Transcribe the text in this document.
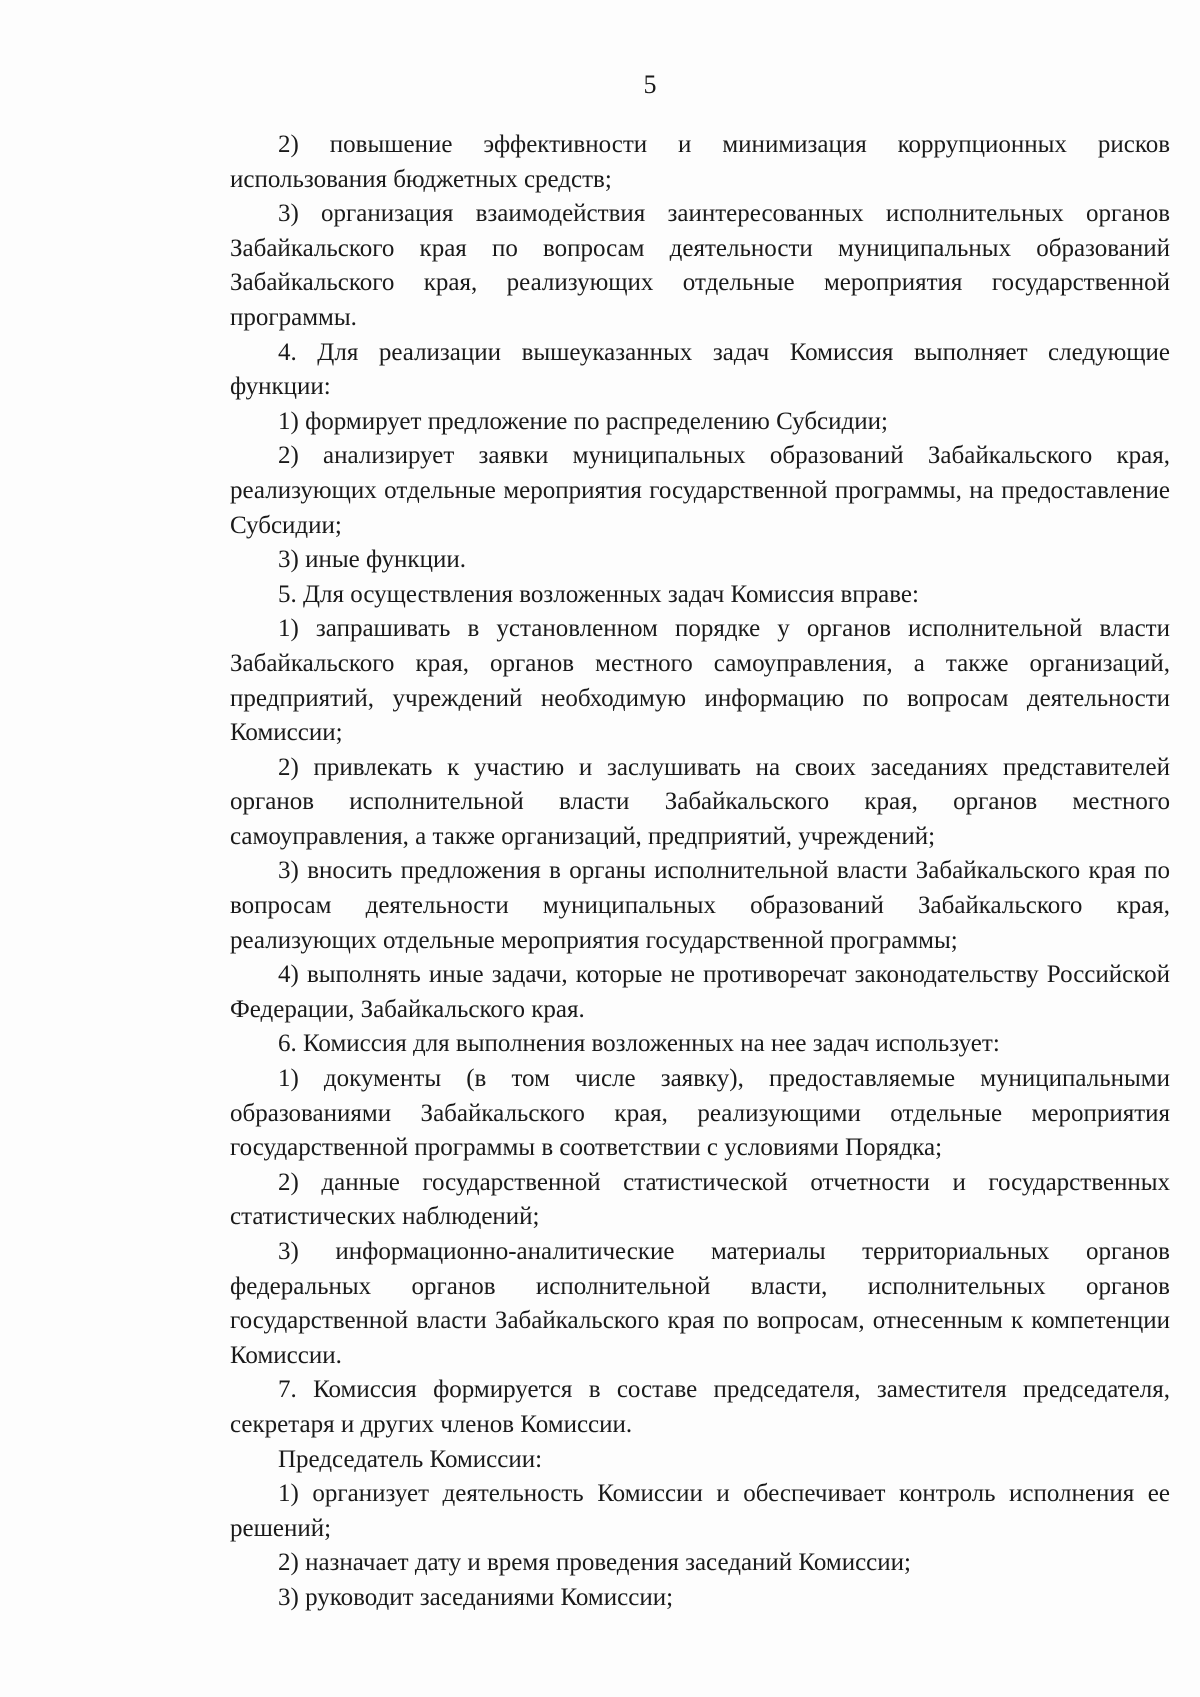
5

2) повышение эффективности и минимизация коррупционных рисков использования бюджетных средств;

3) организация взаимодействия заинтересованных исполнительных органов Забайкальского края по вопросам деятельности муниципальных образований Забайкальского края, реализующих отдельные мероприятия государственной программы.

4. Для реализации вышеуказанных задач Комиссия выполняет следующие функции:

1) формирует предложение по распределению Субсидии;

2) анализирует заявки муниципальных образований Забайкальского края, реализующих отдельные мероприятия государственной программы, на предоставление Субсидии;

3) иные функции.

5. Для осуществления возложенных задач Комиссия вправе:

1) запрашивать в установленном порядке у органов исполнительной власти Забайкальского края, органов местного самоуправления, а также организаций, предприятий, учреждений необходимую информацию по вопросам деятельности Комиссии;

2) привлекать к участию и заслушивать на своих заседаниях представителей органов исполнительной власти Забайкальского края, органов местного самоуправления, а также организаций, предприятий, учреждений;

3) вносить предложения в органы исполнительной власти Забайкальского края по вопросам деятельности муниципальных образований Забайкальского края, реализующих отдельные мероприятия государственной программы;

4) выполнять иные задачи, которые не противоречат законодательству Российской Федерации, Забайкальского края.

6. Комиссия для выполнения возложенных на нее задач использует:

1) документы (в том числе заявку), предоставляемые муниципальными образованиями Забайкальского края, реализующими отдельные мероприятия государственной программы в соответствии с условиями Порядка;

2) данные государственной статистической отчетности и государственных статистических наблюдений;

3) информационно-аналитические материалы территориальных органов федеральных органов исполнительной власти, исполнительных органов государственной власти Забайкальского края по вопросам, отнесенным к компетенции Комиссии.

7. Комиссия формируется в составе председателя, заместителя председателя, секретаря и других членов Комиссии.

Председатель Комиссии:

1) организует деятельность Комиссии и обеспечивает контроль исполнения ее решений;

2) назначает дату и время проведения заседаний Комиссии;

3) руководит заседаниями Комиссии;
